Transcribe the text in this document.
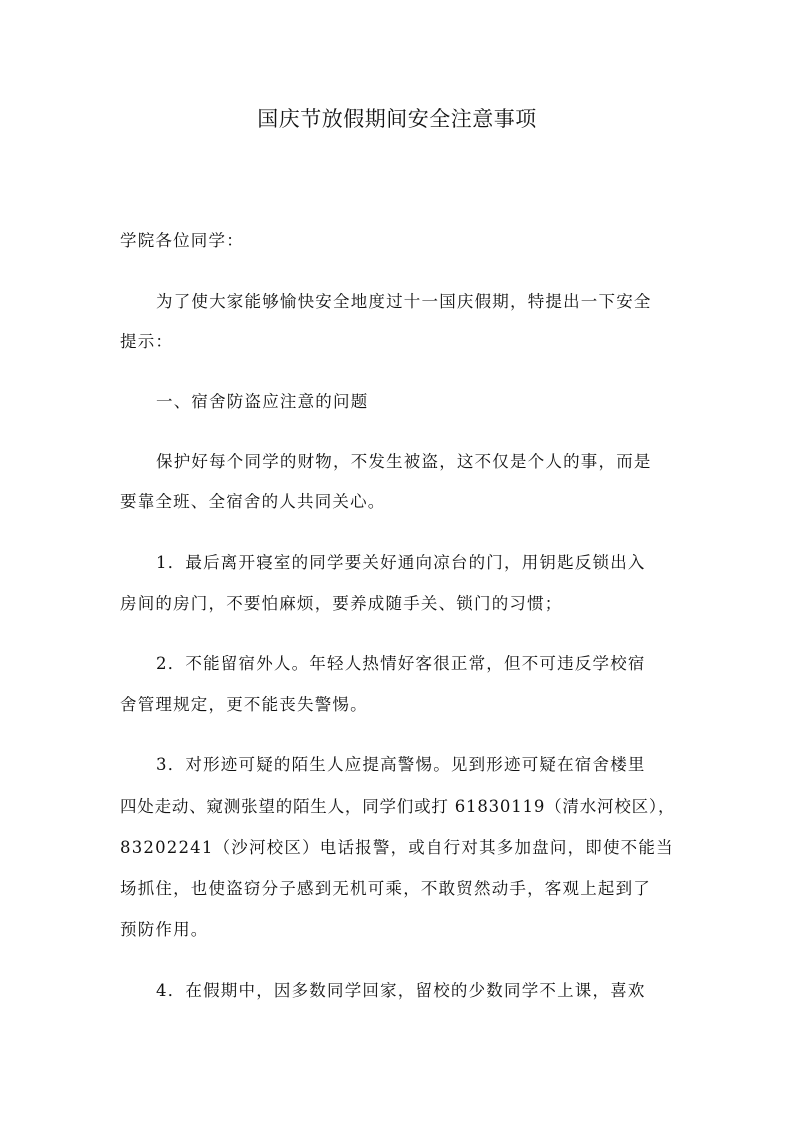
国庆节放假期间安全注意事项
学院各位同学：
为了使大家能够愉快安全地度过十一国庆假期，特提出一下安全
提示：
一、宿舍防盗应注意的问题
保护好每个同学的财物，不发生被盗，这不仅是个人的事，而是
要靠全班、全宿舍的人共同关心。
1．最后离开寝室的同学要关好通向凉台的门，用钥匙反锁出入
房间的房门，不要怕麻烦，要养成随手关、锁门的习惯；
2．不能留宿外人。年轻人热情好客很正常，但不可违反学校宿
舍管理规定，更不能丧失警惕。
3．对形迹可疑的陌生人应提高警惕。见到形迹可疑在宿舍楼里
四处走动、窥测张望的陌生人，同学们或打 61830119（清水河校区），
83202241（沙河校区）电话报警，或自行对其多加盘问，即使不能当
场抓住，也使盗窃分子感到无机可乘，不敢贸然动手，客观上起到了
预防作用。
4．在假期中，因多数同学回家，留校的少数同学不上课，喜欢
